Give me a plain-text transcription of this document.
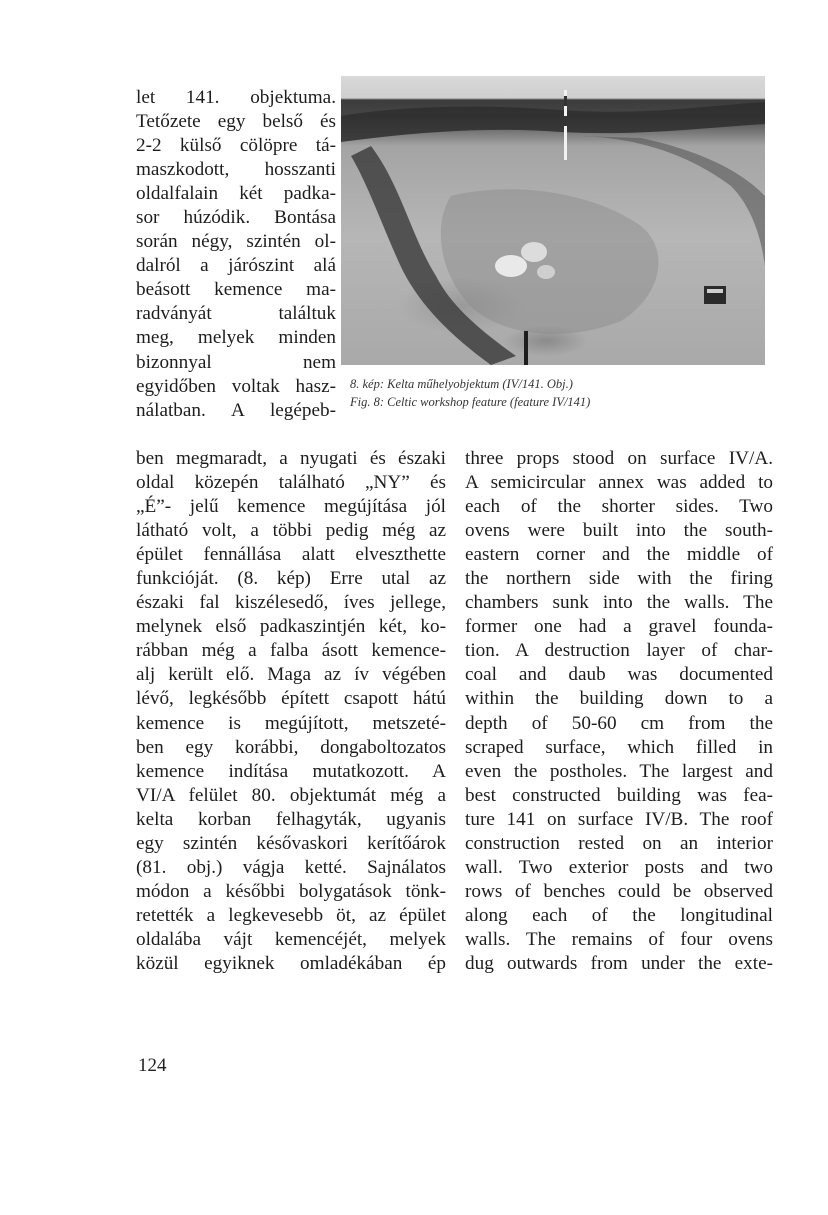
8. kép: Kelta műhelyobjektum (IV/141. Obj.)
Fig. 8: Celtic workshop feature (feature IV/141)
let 141. objektuma.
Tetőzete egy belső és
2-2 külső cölöpre tá-
maszkodott, hosszanti
oldalfalain két padka-
sor húzódik. Bontása
során négy, szintén ol-
dalról a járószint alá
beásott kemence ma-
radványát találtuk
meg, melyek minden
bizonnyal nem
egyidőben voltak hasz-
nálatban. A legépeb-
ben megmaradt, a nyugati és északi
oldal közepén található „NY” és
„É”- jelű kemence megújítása jól
látható volt, a többi pedig még az
épület fennállása alatt elveszthette
funkcióját. (8. kép) Erre utal az
északi fal kiszélesedő, íves jellege,
melynek első padkaszintjén két, ko-
rábban még a falba ásott kemence-
alj került elő. Maga az ív végében
lévő, legkésőbb épített csapott hátú
kemence is megújított, metszeté-
ben egy korábbi, dongaboltozatos
kemence indítása mutatkozott. A
VI/A felület 80. objektumát még a
kelta korban felhagyták, ugyanis
egy szintén késővaskori kerítőárok
(81. obj.) vágja ketté. Sajnálatos
módon a későbbi bolygatások tönk-
retették a legkevesebb öt, az épület
oldalába vájt kemencéjét, melyek
közül egyiknek omladékában ép
three props stood on surface IV/A.
A semicircular annex was added to
each of the shorter sides. Two
ovens were built into the south-
eastern corner and the middle of
the northern side with the firing
chambers sunk into the walls. The
former one had a gravel founda-
tion. A destruction layer of char-
coal and daub was documented
within the building down to a
depth of 50-60 cm from the
scraped surface, which filled in
even the postholes. The largest and
best constructed building was fea-
ture 141 on surface IV/B. The roof
construction rested on an interior
wall. Two exterior posts and two
rows of benches could be observed
along each of the longitudinal
walls. The remains of four ovens
dug outwards from under the exte-
124
